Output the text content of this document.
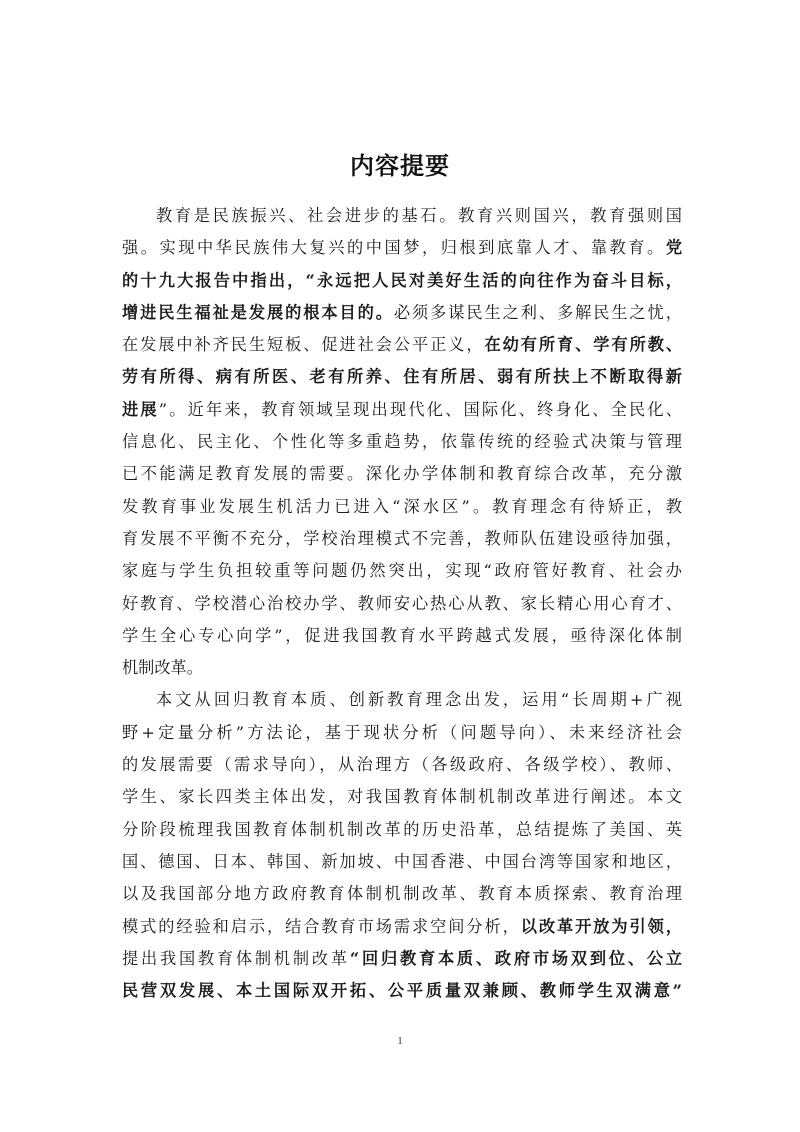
内容提要
教育是民族振兴、社会进步的基石。教育兴则国兴，教育强则国
强。实现中华民族伟大复兴的中国梦，归根到底靠人才、靠教育。党
的十九大报告中指出，“永远把人民对美好生活的向往作为奋斗目标，
增进民生福祉是发展的根本目的。必须多谋民生之利、多解民生之忧，
在发展中补齐民生短板、促进社会公平正义，在幼有所育、学有所教、
劳有所得、病有所医、老有所养、住有所居、弱有所扶上不断取得新
进展”。近年来，教育领域呈现出现代化、国际化、终身化、全民化、
信息化、民主化、个性化等多重趋势，依靠传统的经验式决策与管理
已不能满足教育发展的需要。深化办学体制和教育综合改革，充分激
发教育事业发展生机活力已进入“深水区”。教育理念有待矫正，教
育发展不平衡不充分，学校治理模式不完善，教师队伍建设亟待加强，
家庭与学生负担较重等问题仍然突出，实现“政府管好教育、社会办
好教育、学校潜心治校办学、教师安心热心从教、家长精心用心育才、
学生全心专心向学”，促进我国教育水平跨越式发展，亟待深化体制
机制改革。
本文从回归教育本质、创新教育理念出发，运用“长周期+广视
野+定量分析”方法论，基于现状分析（问题导向）、未来经济社会
的发展需要（需求导向），从治理方（各级政府、各级学校）、教师、
学生、家长四类主体出发，对我国教育体制机制改革进行阐述。本文
分阶段梳理我国教育体制机制改革的历史沿革，总结提炼了美国、英
国、德国、日本、韩国、新加坡、中国香港、中国台湾等国家和地区，
以及我国部分地方政府教育体制机制改革、教育本质探索、教育治理
模式的经验和启示，结合教育市场需求空间分析，以改革开放为引领，
提出我国教育体制机制改革“回归教育本质、政府市场双到位、公立
民营双发展、本土国际双开拓、公平质量双兼顾、教师学生双满意”
1
